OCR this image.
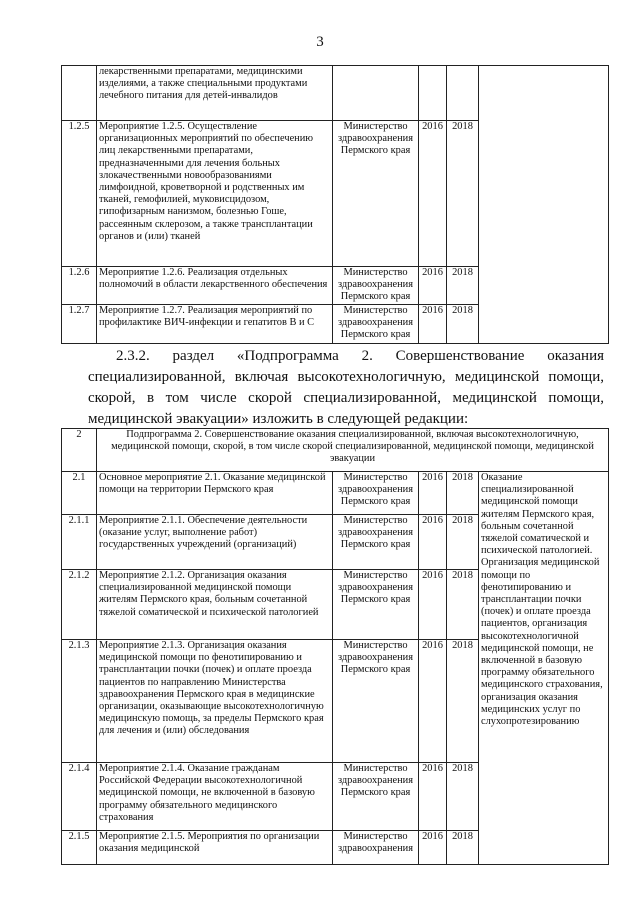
3
	лекарственными препаратами, медицинскими изделиями, а также специальными продуктами лечебного питания для детей-инвалидов				
1.2.5	Мероприятие 1.2.5. Осуществление организационных мероприятий по обеспечению лиц лекарственными препаратами, предназначенными для лечения больных злокачественными новообразованиями лимфоидной, кроветворной и родственных им тканей, гемофилией, муковисцидозом, гипофизарным нанизмом, болезнью Гоше, рассеянным склерозом, а также трансплантации органов и (или) тканей	Министерство здравоохранения Пермского края	2016	2018	
1.2.6	Мероприятие 1.2.6. Реализация отдельных полномочий в области лекарственного обеспечения	Министерство здравоохранения Пермского края	2016	2018	
1.2.7	Мероприятие 1.2.7. Реализация мероприятий по профилактике ВИЧ-инфекции и гепатитов В и С	Министерство здравоохранения Пермского края	2016	2018	
2.3.2. раздел «Подпрограмма 2. Совершенствование оказания
специализированной, включая высокотехнологичную, медицинской помощи,
скорой, в том числе скорой специализированной, медицинской помощи,
медицинской эвакуации» изложить в следующей редакции:
2	Подпрограмма 2. Совершенствование оказания специализированной, включая высокотехнологичную, медицинской помощи, скорой, в том числе скорой специализированной, медицинской помощи, медицинской эвакуации				
2.1	Основное мероприятие 2.1. Оказание медицинской помощи на территории Пермского края	Министерство здравоохранения Пермского края	2016	2018	Оказание специализированной медицинской помощи жителям Пермского края, больным сочетанной тяжелой соматической и психической патологией. Организация медицинской помощи по фенотипированию и трансплантации почки (почек) и оплате проезда пациентов, организация высокотехнологичной медицинской помощи, не включенной в базовую программу обязательного медицинского страхования, организация оказания медицинских услуг по слухопротезированию
2.1.1	Мероприятие 2.1.1. Обеспечение деятельности (оказание услуг, выполнение работ) государственных учреждений (организаций)	Министерство здравоохранения Пермского края	2016	2018	
2.1.2	Мероприятие 2.1.2. Организация оказания специализированной медицинской помощи жителям Пермского края, больным сочетанной тяжелой соматической и психической патологией	Министерство здравоохранения Пермского края	2016	2018	
2.1.3	Мероприятие 2.1.3. Организация оказания медицинской помощи по фенотипированию и трансплантации почки (почек) и оплате проезда пациентов по направлению Министерства здравоохранения Пермского края в медицинские организации, оказывающие высокотехнологичную медицинскую помощь, за пределы Пермского края для лечения и (или) обследования	Министерство здравоохранения Пермского края	2016	2018	
2.1.4	Мероприятие 2.1.4. Оказание гражданам Российской Федерации высокотехнологичной медицинской помощи, не включенной в базовую программу обязательного медицинского страхования	Министерство здравоохранения Пермского края	2016	2018	
2.1.5	Мероприятие 2.1.5. Мероприятия по организации оказания медицинской	Министерство здравоохранения	2016	2018	
